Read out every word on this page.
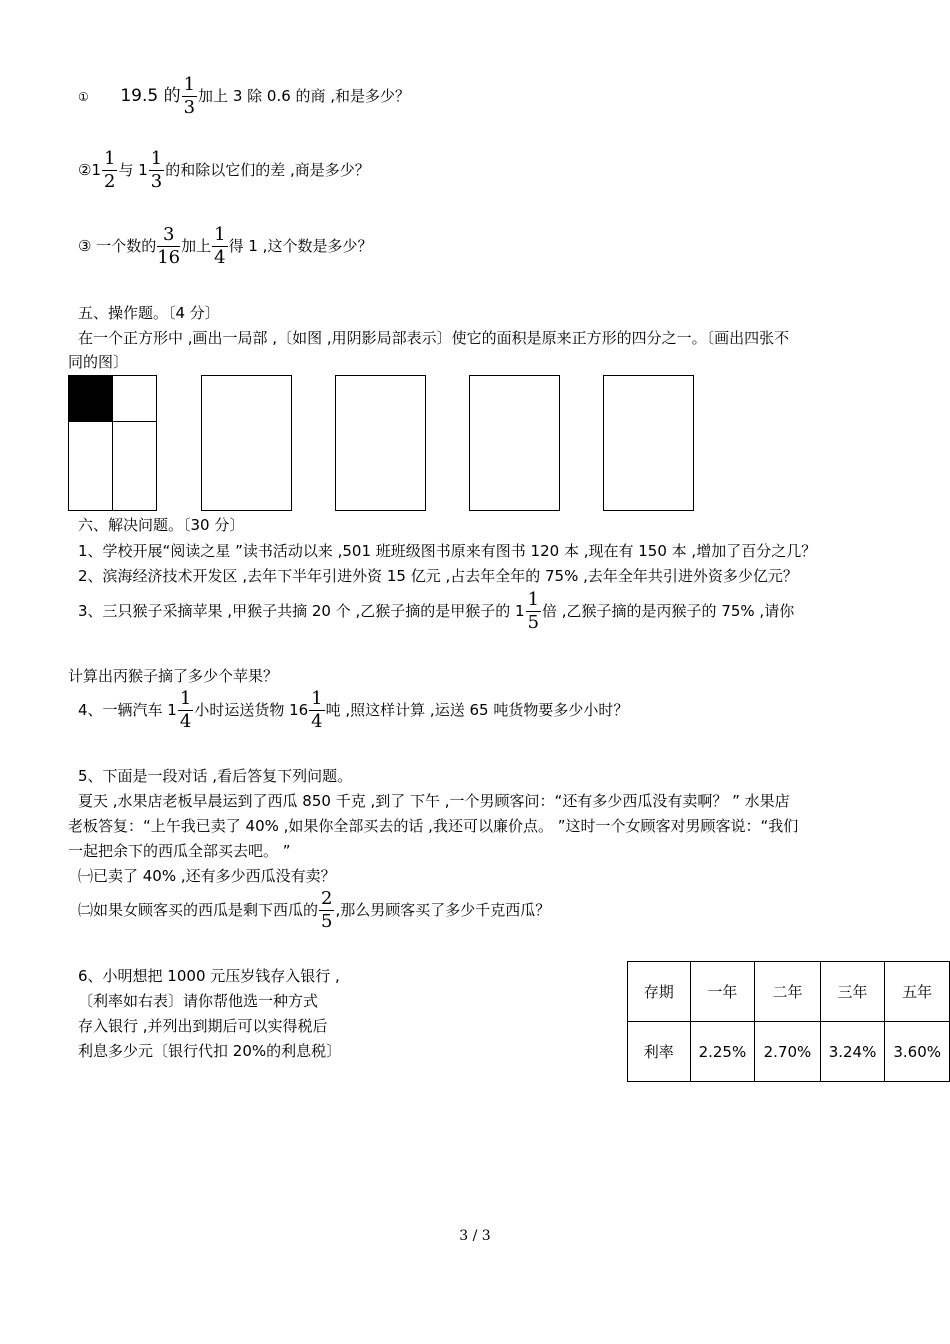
① 19.5 的 $\frac{1}{3}$ 加上 3 除 0.6 的商 ,和是多少？
②1 $\frac{1}{2}$ 与 $1 \frac{1}{3}$ 的和除以它们的差 ,商是多少？
③ 一个数的 $\frac{3}{16}$ 加上 $\frac{1}{4}$ 得 1 ,这个数是多少？
五、操作题。〔4 分〕
在一个正方形中 ,画出一局部 ,〔如图 ,用阴影局部表示〕使它的面积是原来正方形的四分之一。〔画出四张不
同的图〕
六、解决问题。〔30 分〕
1、学校开展“阅读之星 ”读书活动以来 ,501 班班级图书原来有图书 120 本 ,现在有 150 本 ,增加了百分之几？
2、滨海经济技术开发区 ,去年下半年引进外资 15 亿元 ,占去年全年的 75% ,去年全年共引进外资多少亿元？
3、三只猴子采摘苹果 ,甲猴子共摘 20 个 ,乙猴子摘的是甲猴子的 $1 \frac{1}{5}$ 倍 ,乙猴子摘的是丙猴子的 75% ,请你
计算出丙猴子摘了多少个苹果？
4、一辆汽车 $1 \frac{1}{4}$ 小时运送货物 $16 \frac{1}{4}$ 吨 ,照这样计算 ,运送 65 吨货物要多少小时？
5、下面是一段对话 ,看后答复下列问题。
夏天 ,水果店老板早晨运到了西瓜 850 千克 ,到了 下午 ,一个男顾客问：“还有多少西瓜没有卖啊？ ” 水果店
老板答复：“上午我已卖了 40% ,如果你全部买去的话 ,我还可以廉价点。 ”这时一个女顾客对男顾客说：“我们
一起把余下的西瓜全部买去吧。 ”
㈠已卖了 40% ,还有多少西瓜没有卖？
㈡如果女顾客买的西瓜是剩下西瓜的 $\frac{2}{5}$ ,那么男顾客买了多少千克西瓜？
6、小明想把 1000 元压岁钱存入银行 ,
〔利率如右表〕请你帮他选一种方式
存入银行 ,并列出到期后可以实得税后
利息多少元〔银行代扣 20%的利息税〕
存期	一年	二年	三年	五年
利率	2.25%	2.70%	3.24%	3.60%
3 / 3
